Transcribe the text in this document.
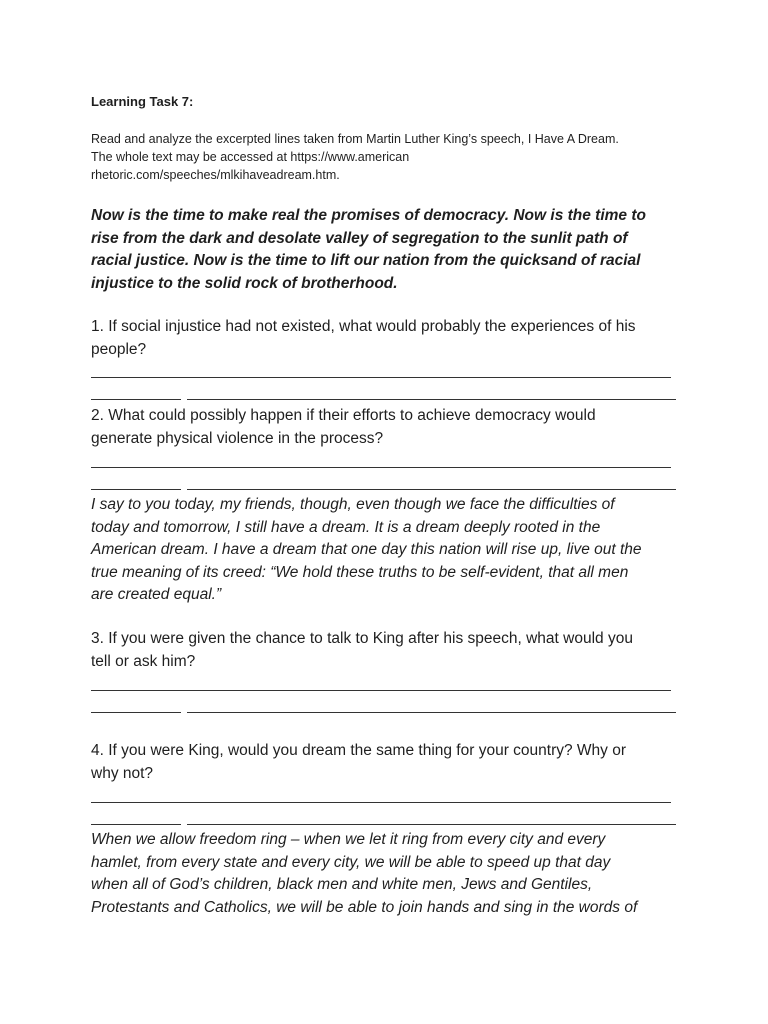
Learning Task 7:
Read and analyze the excerpted lines taken from Martin Luther King’s speech, I Have A Dream.
The whole text may be accessed at https://www.american
rhetoric.com/speeches/mlkihaveadream.htm.
Now is the time to make real the promises of democracy. Now is the time to
rise from the dark and desolate valley of segregation to the sunlit path of
racial justice. Now is the time to lift our nation from the quicksand of racial
injustice to the solid rock of brotherhood.
1. If social injustice had not existed, what would probably the experiences of his
people?
2. What could possibly happen if their efforts to achieve democracy would
generate physical violence in the process?
I say to you today, my friends, though, even though we face the difficulties of
today and tomorrow, I still have a dream. It is a dream deeply rooted in the
American dream. I have a dream that one day this nation will rise up, live out the
true meaning of its creed: “We hold these truths to be self-evident, that all men
are created equal.”
3. If you were given the chance to talk to King after his speech, what would you
tell or ask him?
4. If you were King, would you dream the same thing for your country? Why or
why not?
When we allow freedom ring – when we let it ring from every city and every
hamlet, from every state and every city, we will be able to speed up that day
when all of God’s children, black men and white men, Jews and Gentiles,
Protestants and Catholics, we will be able to join hands and sing in the words of
